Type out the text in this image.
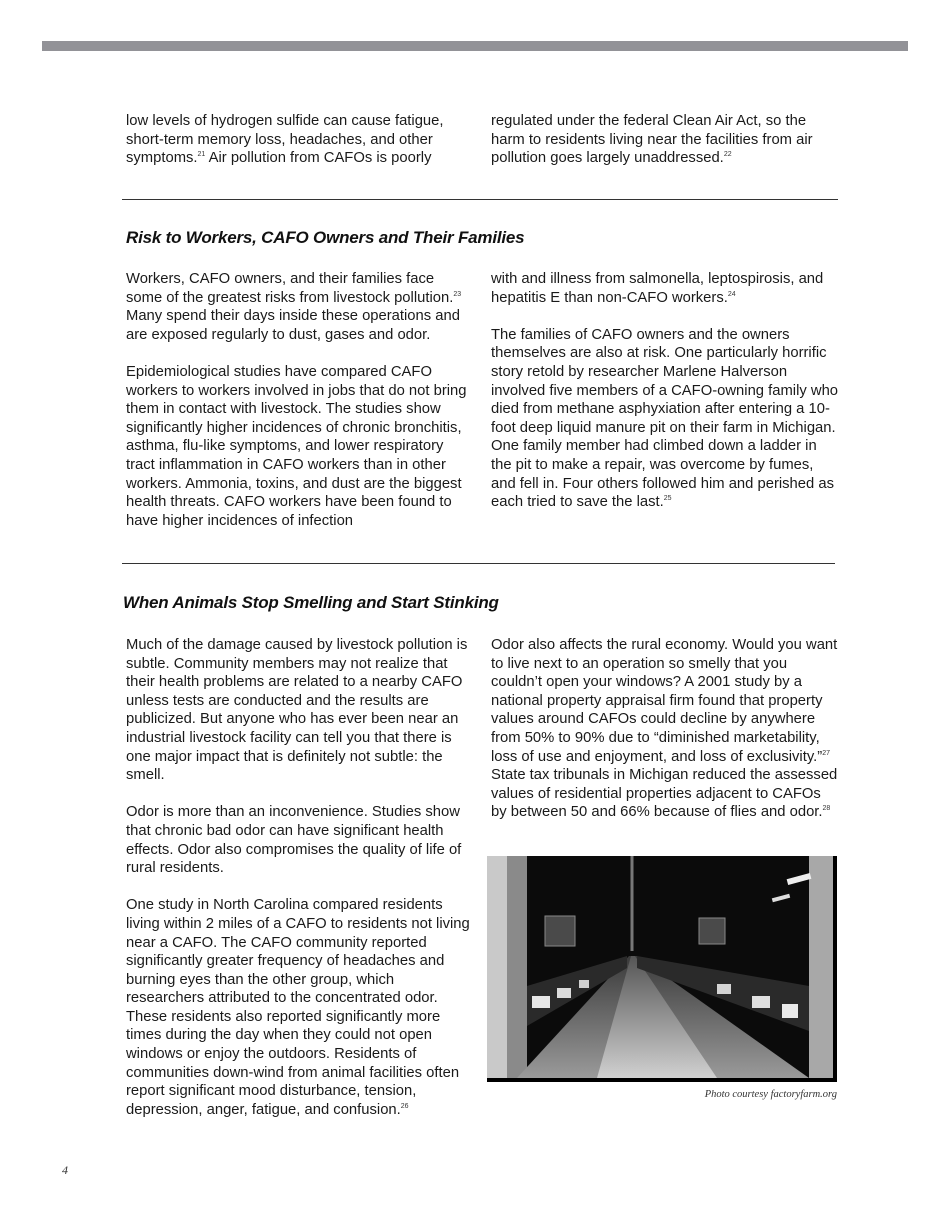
low levels of hydrogen sulfide can cause fatigue, short-term memory loss, headaches, and other symptoms.$^{21}$ Air pollution from CAFOs is poorly

regulated under the federal Clean Air Act, so the harm to residents living near the facilities from air pollution goes largely unaddressed.$^{22}$

Risk to Workers, CAFO Owners and Their Families

Workers, CAFO owners, and their families face some of the greatest risks from livestock pollution.$^{23}$ Many spend their days inside these operations and are exposed regularly to dust, gases and odor.

Epidemiological studies have compared CAFO workers to workers involved in jobs that do not bring them in contact with livestock. The studies show significantly higher incidences of chronic bronchitis, asthma, flu-like symptoms, and lower respiratory tract inflammation in CAFO workers than in other workers. Ammonia, toxins, and dust are the biggest health threats. CAFO workers have been found to have higher incidences of infection

with and illness from salmonella, leptospirosis, and hepatitis E than non-CAFO workers.$^{24}$

The families of CAFO owners and the owners themselves are also at risk. One particularly horrific story retold by researcher Marlene Halverson involved five members of a CAFO-owning family who died from methane asphyxiation after entering a 10-foot deep liquid manure pit on their farm in Michigan. One family member had climbed down a ladder in the pit to make a repair, was overcome by fumes, and fell in. Four others followed him and perished as each tried to save the last.$^{25}$

When Animals Stop Smelling and Start Stinking

Much of the damage caused by livestock pollution is subtle. Community members may not realize that their health problems are related to a nearby CAFO unless tests are conducted and the results are publicized. But anyone who has ever been near an industrial livestock facility can tell you that there is one major impact that is definitely not subtle: the smell.

Odor is more than an inconvenience. Studies show that chronic bad odor can have significant health effects. Odor also compromises the quality of life of rural residents.

One study in North Carolina compared residents living within 2 miles of a CAFO to residents not living near a CAFO. The CAFO community reported significantly greater frequency of headaches and burning eyes than the other group, which researchers attributed to the concentrated odor. These residents also reported significantly more times during the day when they could not open windows or enjoy the outdoors. Residents of communities down-wind from animal facilities often report significant mood disturbance, tension, depression, anger, fatigue, and confusion.$^{26}$

Odor also affects the rural economy. Would you want to live next to an operation so smelly that you couldn’t open your windows? A 2001 study by a national property appraisal firm found that property values around CAFOs could decline by anywhere from 50% to 90% due to “diminished marketability, loss of use and enjoyment, and loss of exclusivity.”$^{27}$ State tax tribunals in Michigan reduced the assessed values of residential properties adjacent to CAFOs by between 50 and 66% because of flies and odor.$^{28}$

Photo courtesy factoryfarm.org
4
